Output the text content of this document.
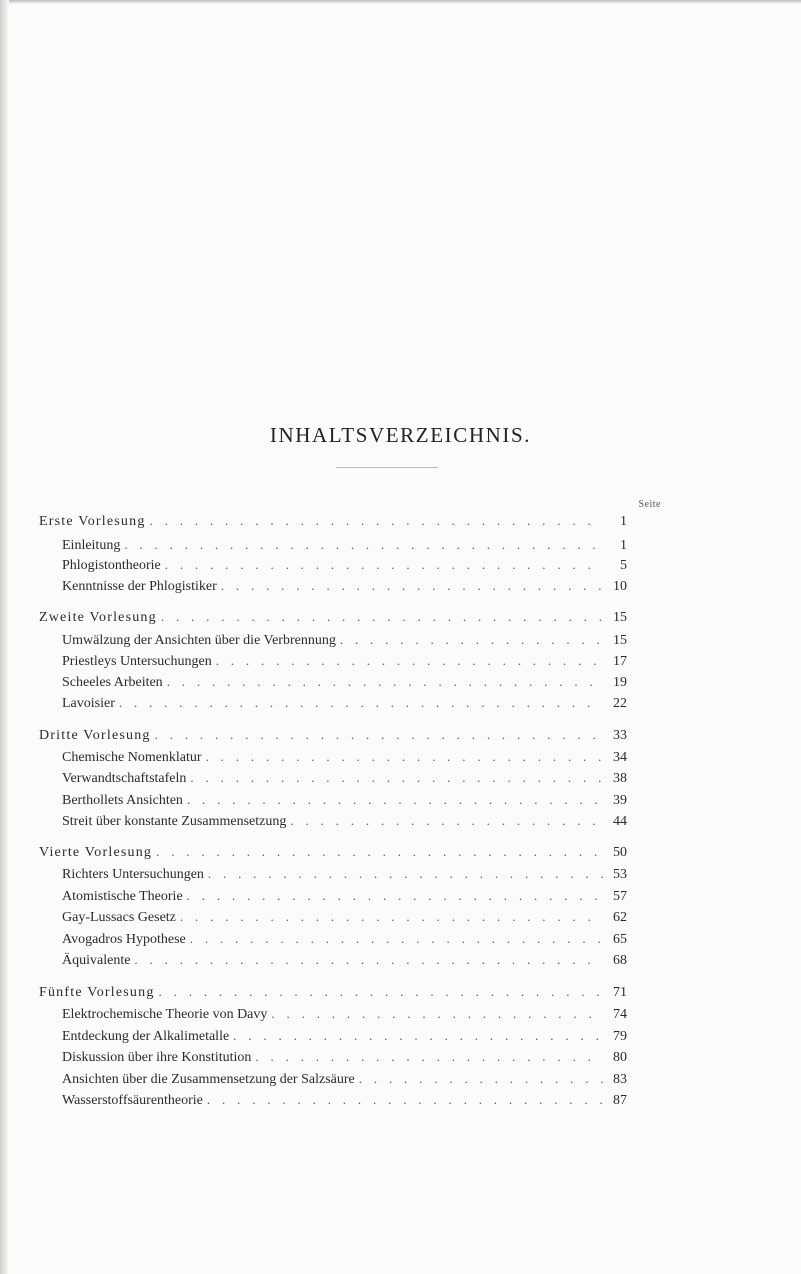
INHALTSVERZEICHNIS.
Seite
Erste Vorlesung . . .	1
Einleitung . . .	1
Phlogistontheorie . . .	5
Kenntnisse der Phlogistiker . . .	10
Zweite Vorlesung . . .	15
Umwälzung der Ansichten über die Verbrennung . . .	15
Priestleys Untersuchungen . . .	17
Scheeles Arbeiten . . .	19
Lavoisier . . .	22
Dritte Vorlesung . . .	33
Chemische Nomenklatur . . .	34
Verwandtschaftstafeln . . .	38
Berthollets Ansichten . . .	39
Streit über konstante Zusammensetzung . . .	44
Vierte Vorlesung . . .	50
Richters Untersuchungen . . .	53
Atomistische Theorie . . .	57
Gay-Lussacs Gesetz . . .	62
Avogadros Hypothese . . .	65
Äquivalente . . .	68
Fünfte Vorlesung . . .	71
Elektrochemische Theorie von Davy . . .	74
Entdeckung der Alkalimetalle . . .	79
Diskussion über ihre Konstitution . . .	80
Ansichten über die Zusammensetzung der Salzsäure . . .	83
Wasserstoffsäurentheorie . . .	87
